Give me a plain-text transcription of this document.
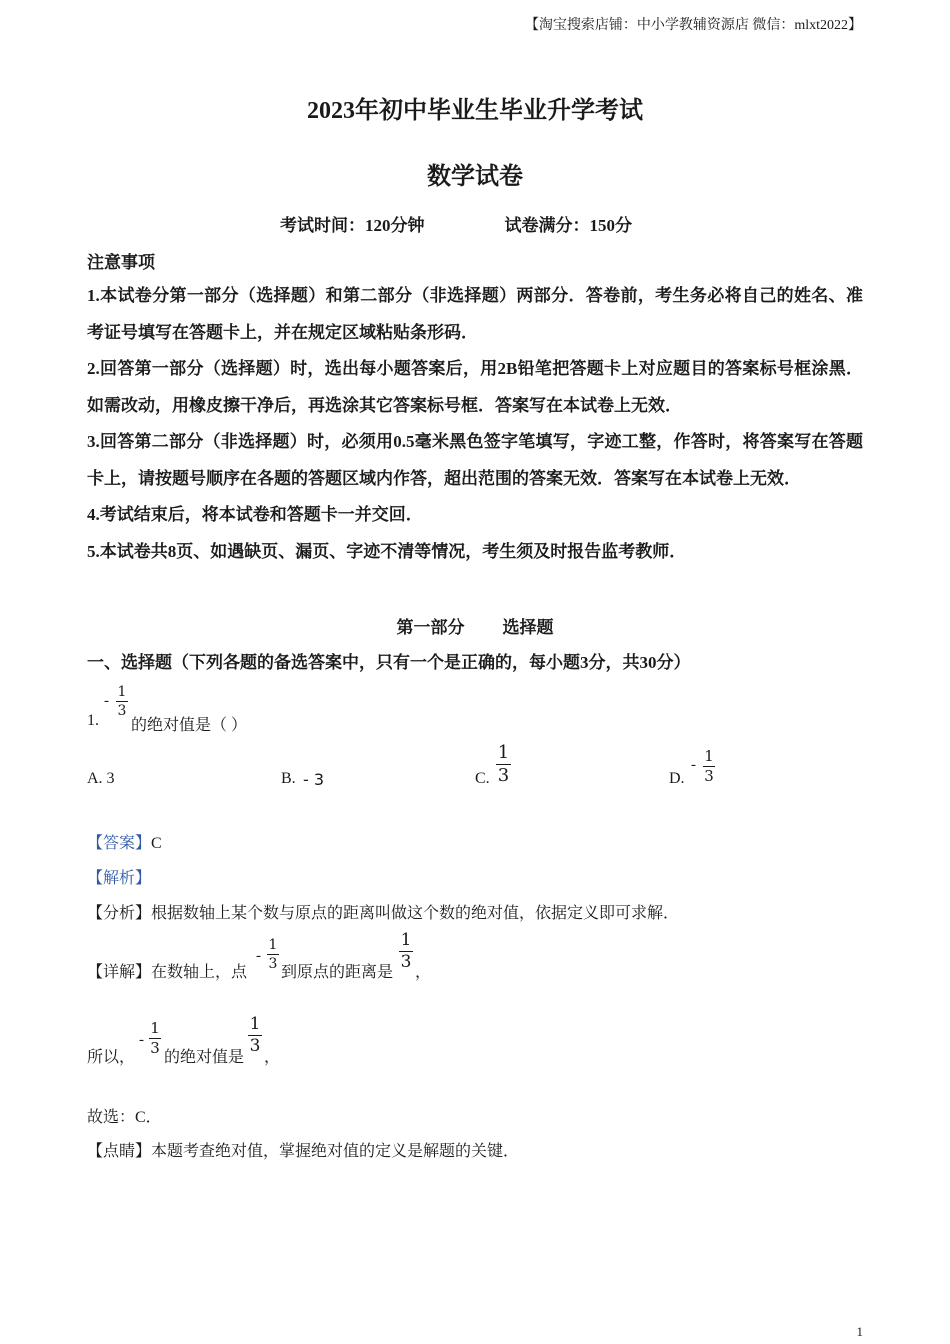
【淘宝搜索店铺：中小学教辅资源店 微信：mlxt2022】
2023年初中毕业生毕业升学考试
数学试卷
考试时间：120分钟	试卷满分：150分
注意事项

1.本试卷分第一部分（选择题）和第二部分（非选择题）两部分．答卷前，考生务必将自己的姓名、准考证号填写在答题卡上，并在规定区域粘贴条形码．

2.回答第一部分（选择题）时，选出每小题答案后，用2B铅笔把答题卡上对应题目的答案标号框涂黑．如需改动，用橡皮擦干净后，再选涂其它答案标号框．答案写在本试卷上无效．

3.回答第二部分（非选择题）时，必须用0.5毫米黑色签字笔填写，字迹工整，作答时，将答案写在答题卡上，请按题号顺序在各题的答题区域内作答，超出范围的答案无效．答案写在本试卷上无效．

4.考试结束后，将本试卷和答题卡一并交回．

5.本试卷共8页、如遇缺页、漏页、字迹不清等情况，考生须及时报告监考教师．

第一部分 选择题
一、选择题（下列各题的备选答案中，只有一个是正确的，每小题3分，共30分）
1.
-
1
3
的绝对值是（ ）
A. 3	B. - 3	C.
1
3	D.
- 1
3
【答案】C
【解析】
【分析】根据数轴上某个数与原点的距离叫做这个数的绝对值，依据定义即可求解．
【详解】在数轴上，点
-
1
3 到原点的距离是
1
3
，
所以，
-
1
3
的绝对值是
1
3
，
故选：C．
【点睛】本题考查绝对值，掌握绝对值的定义是解题的关键．
1
